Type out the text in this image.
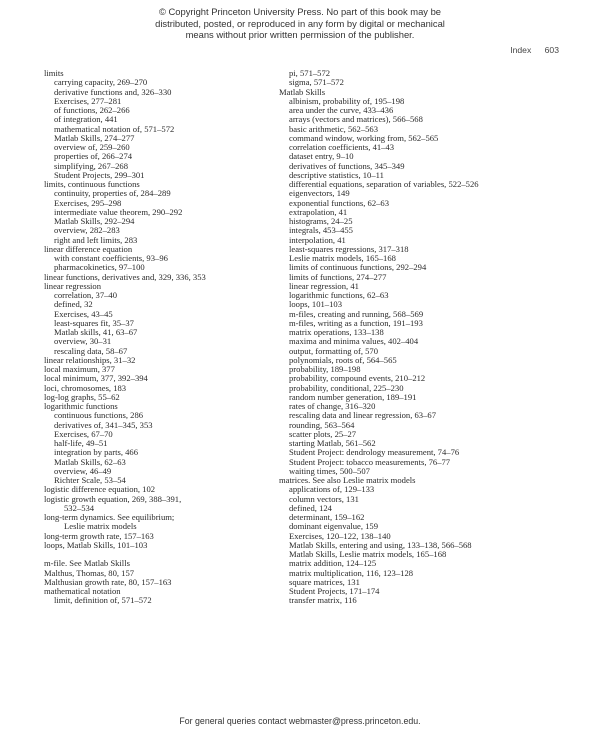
© Copyright Princeton University Press. No part of this book may be
distributed, posted, or reproduced in any form by digital or mechanical
means without prior written permission of the publisher.
Index 603
limits
carrying capacity, 269–270
derivative functions and, 326–330
Exercises, 277–281
of functions, 262–266
of integration, 441
mathematical notation of, 571–572
Matlab Skills, 274–277
overview of, 259–260
properties of, 266–274
simplifying, 267–268
Student Projects, 299–301
limits, continuous functions
continuity, properties of, 284–289
Exercises, 295–298
intermediate value theorem, 290–292
Matlab Skills, 292–294
overview, 282–283
right and left limits, 283
linear difference equation
with constant coefficients, 93–96
pharmacokinetics, 97–100
linear functions, derivatives and, 329, 336, 353
linear regression
correlation, 37–40
defined, 32
Exercises, 43–45
least-squares fit, 35–37
Matlab skills, 41, 63–67
overview, 30–31
rescaling data, 58–67
linear relationships, 31–32
local maximum, 377
local minimum, 377, 392–394
loci, chromosomes, 183
log-log graphs, 55–62
logarithmic functions
continuous functions, 286
derivatives of, 341–345, 353
Exercises, 67–70
half-life, 49–51
integration by parts, 466
Matlab Skills, 62–63
overview, 46–49
Richter Scale, 53–54
logistic difference equation, 102
logistic growth equation, 269, 388–391,
532–534
long-term dynamics. See equilibrium;
Leslie matrix models
long-term growth rate, 157–163
loops, Matlab Skills, 101–103
m-file. See Matlab Skills
Malthus, Thomas, 80, 157
Malthusian growth rate, 80, 157–163
mathematical notation
limit, definition of, 571–572
pi, 571–572
sigma, 571–572
Matlab Skills
albinism, probability of, 195–198
area under the curve, 433–436
arrays (vectors and matrices), 566–568
basic arithmetic, 562–563
command window, working from, 562–565
correlation coefficients, 41–43
dataset entry, 9–10
derivatives of functions, 345–349
descriptive statistics, 10–11
differential equations, separation of variables, 522–526
eigenvectors, 149
exponential functions, 62–63
extrapolation, 41
histograms, 24–25
integrals, 453–455
interpolation, 41
least-squares regressions, 317–318
Leslie matrix models, 165–168
limits of continuous functions, 292–294
limits of functions, 274–277
linear regression, 41
logarithmic functions, 62–63
loops, 101–103
m-files, creating and running, 568–569
m-files, writing as a function, 191–193
matrix operations, 133–138
maxima and minima values, 402–404
output, formatting of, 570
polynomials, roots of, 564–565
probability, 189–198
probability, compound events, 210–212
probability, conditional, 225–230
random number generation, 189–191
rates of change, 316–320
rescaling data and linear regression, 63–67
rounding, 563–564
scatter plots, 25–27
starting Matlab, 561–562
Student Project: dendrology measurement, 74–76
Student Project: tobacco measurements, 76–77
waiting times, 500–507
matrices. See also Leslie matrix models
applications of, 129–133
column vectors, 131
defined, 124
determinant, 159–162
dominant eigenvalue, 159
Exercises, 120–122, 138–140
Matlab Skills, entering and using, 133–138, 566–568
Matlab Skills, Leslie matrix models, 165–168
matrix addition, 124–125
matrix multiplication, 116, 123–128
square matrices, 131
Student Projects, 171–174
transfer matrix, 116
For general queries contact webmaster@press.princeton.edu.
